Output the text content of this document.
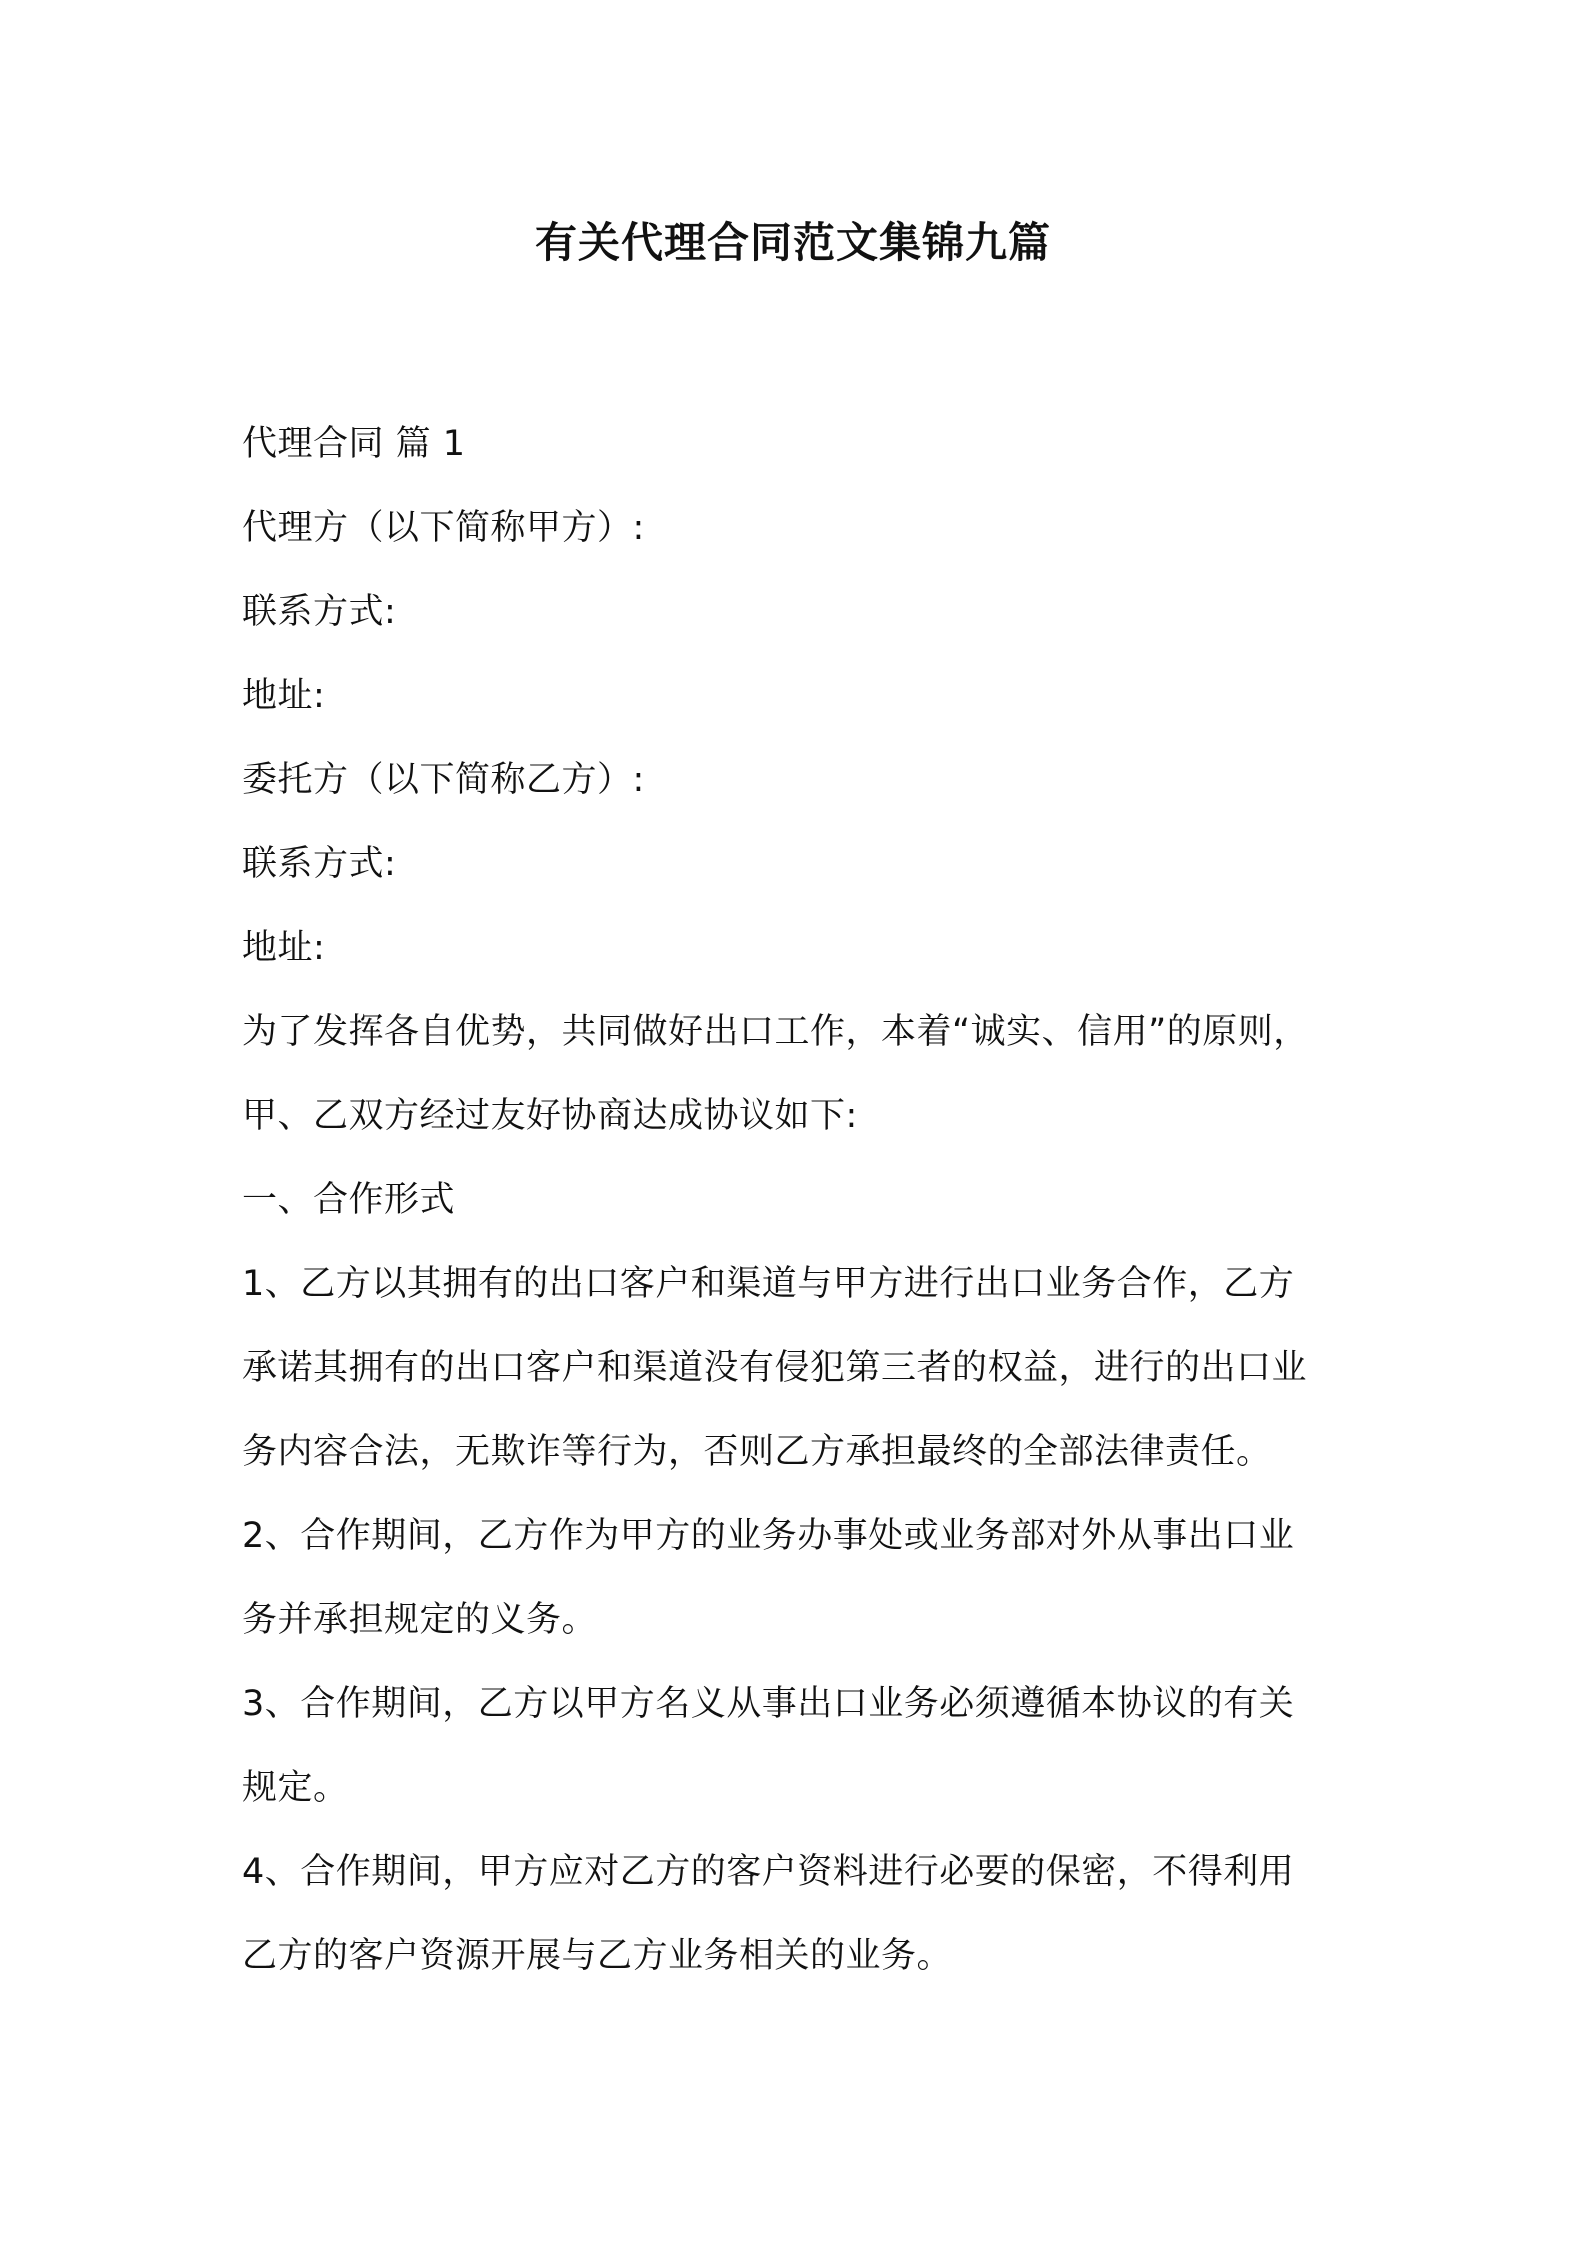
有关代理合同范文集锦九篇
代理合同 篇 1
代理方（以下简称甲方）:
联系方式:
地址:
委托方（以下简称乙方）:
联系方式:
地址:
为了发挥各自优势，共同做好出口工作，本着“诚实、信用”的原则，
甲、乙双方经过友好协商达成协议如下:
一、合作形式
1、乙方以其拥有的出口客户和渠道与甲方进行出口业务合作，乙方
承诺其拥有的出口客户和渠道没有侵犯第三者的权益，进行的出口业
务内容合法，无欺诈等行为，否则乙方承担最终的全部法律责任。
2、合作期间，乙方作为甲方的业务办事处或业务部对外从事出口业
务并承担规定的义务。
3、合作期间，乙方以甲方名义从事出口业务必须遵循本协议的有关
规定。
4、合作期间，甲方应对乙方的客户资料进行必要的保密，不得利用
乙方的客户资源开展与乙方业务相关的业务。
